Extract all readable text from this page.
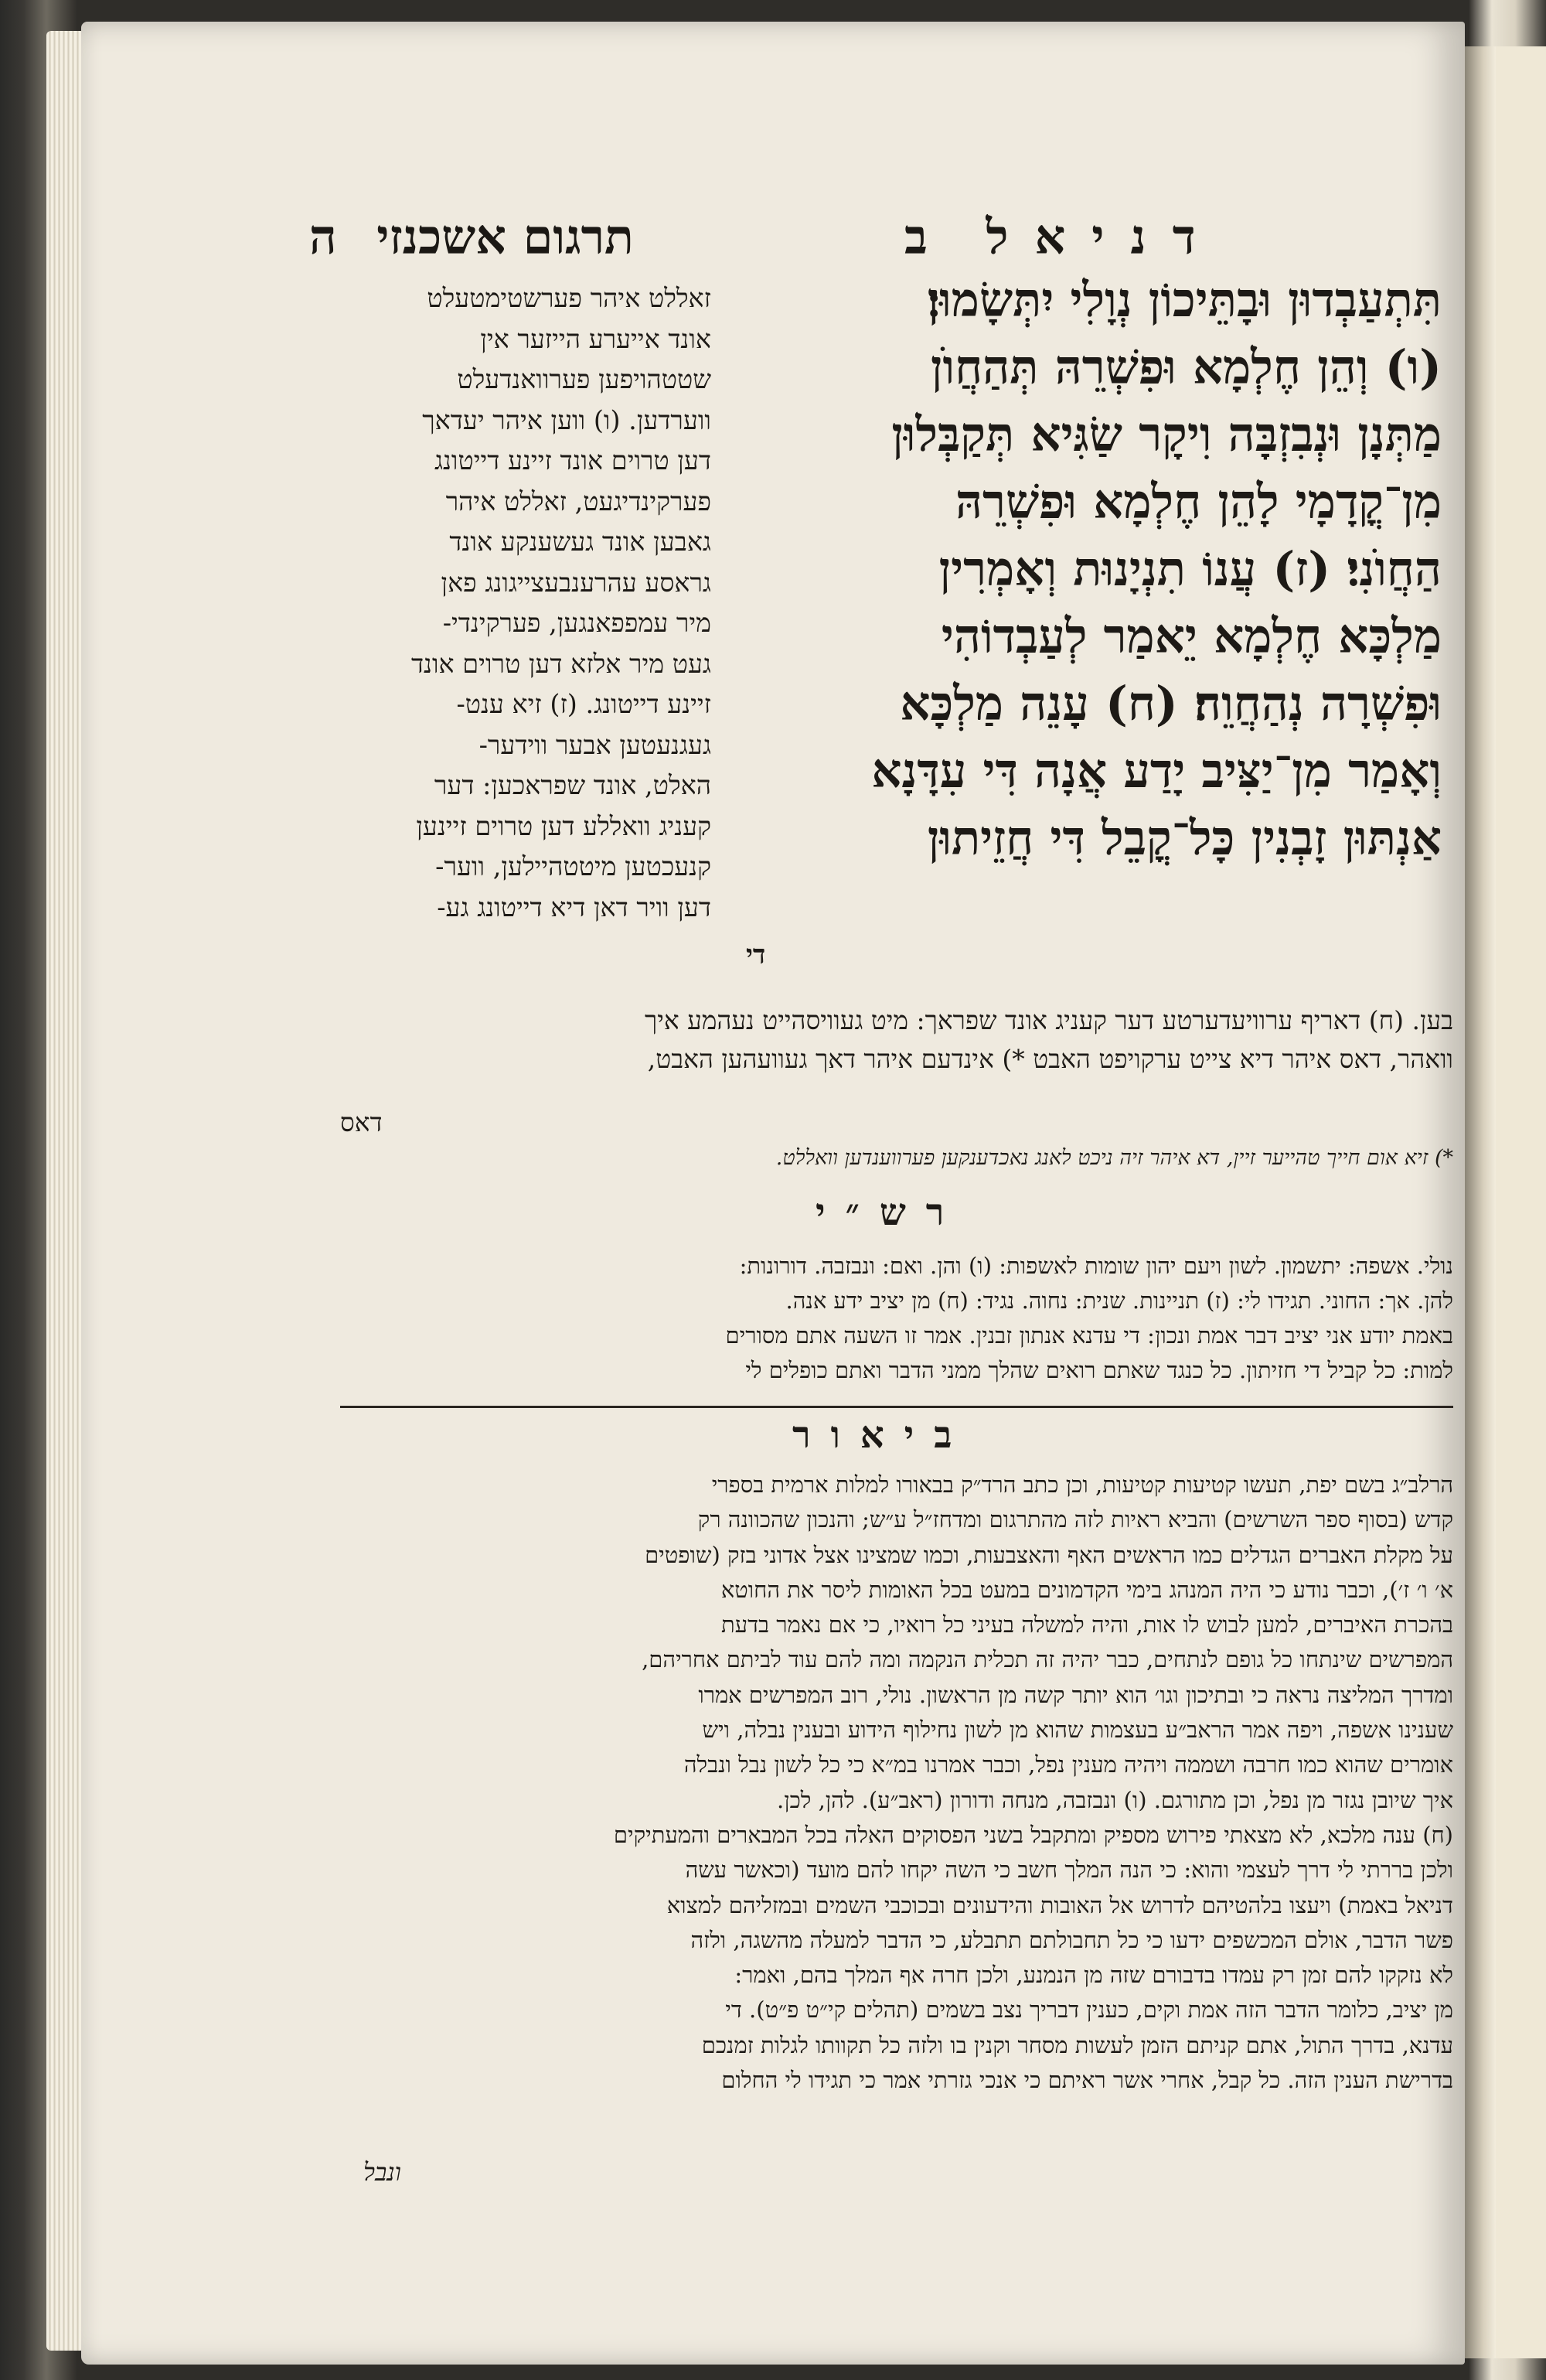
תרגום אשכנזי ה	דניאל ב
זאללט איהר פערשטימטעלט
אונד אייערע הייזער אין
שטטהויפען פערוואנדעלט
ווערדען. (ו) ווען איהר יעדאך
דען טרוים אונד זיינע דייטונג
פערקינדיגעט, זאללט איהר
גאבען אונד געשענקע אונד
גראסע עהרענבעצייגונג פאן
מיר עמפפאנגען, פערקינדי-
געט מיר אלזא דען טרוים אונד
זיינע דייטונג. (ז) זיא ענט-
געגנעטען אבער ווידער-
האלט, אונד שפראכען: דער
קעניג וואללע דען טרוים זיינען
קנעכטען מיטטהיילען, ווער-
דען וויר דאן דיא דייטונג גע-
תִּתְעַבְדוּן וּבָתֵּיכוֹן נְוָלִי יִתְּשָׂמוּן׃
(ו) וְהֵן חֶלְמָא וּפִשְׁרֵהּ תְּהַחֲוֺן
מַתְּנָן וּנְבִזְבָּה וִיקָר שַׂגִּיא תְּקַבְּלוּן
מִן־קֳדָמָי לָהֵן חֶלְמָא וּפִשְׁרֵהּ
הַחֲוֺנִי׃ (ז) עֲנוֹ תִנְיָנוּת וְאָמְרִין
מַלְכָּא חֶלְמָא יֵאמַר לְעַבְדוֹהִי
וּפִשְׁרָה נְהַחֲוֵה׃ (ח) עָנֵה מַלְכָּא
וְאָמַר מִן־יַצִּיב יָדַע אֲנָה דִּי עִדָּנָא
אַנְתּוּן זָבְנִין כָּל־קֳבֵל דִּי חֲזֵיתוּן
די
בען. (ח) דאריף ערוויעדערטע דער קעניג אונד שפראך: מיט געוויסהייט נעהמע איך
וואהר, דאס איהר דיא צייט ערקויפט האבט *) אינדעם איהר דאך געוועהען האבט,
דאס
*) זיא אום חייך טהייער זיין, דא איהר זיה ניכט לאנג נאכדענקען פערווענדען וואללט.
רש״י
נולי. אשפה: יתשמון. לשון ויעם יהון שומות לאשפות: (ו) והן. ואם: ונבזבה. דורונות:
להן. אך: החוני. תגידו לי: (ז) תניינות. שנית: נחוה. נגיד: (ח) מן יציב ידע אנה.
באמת יודע אני יציב דבר אמת ונכון: די עדנא אנתון זבנין. אמר זו השעה אתם מסורים
למות: כל קביל די חזיתון. כל כנגד שאתם רואים שהלך ממני הדבר ואתם כופלים לי
ביאור
הרלב״ג בשם יפת, תעשו קטיעות קטיעות, וכן כתב הרד״ק בבאורו למלות ארמית בספרי
קדש (בסוף ספר השרשים) והביא ראיות לזה מהתרגום ומדחז״ל ע״ש; והנכון שהכוונה רק
על מקלת האברים הגדלים כמו הראשים האף והאצבעות, וכמו שמצינו אצל אדוני בזק (שופטים
א׳ ו׳ ז׳), וכבר נודע כי היה המנהג בימי הקדמונים במעט בכל האומות ליסר את החוטא
בהכרת האיברים, למען לבוש לו אות, והיה למשלה בעיני כל רואיו, כי אם נאמר בדעת
המפרשים שינתחו כל גופם לנתחים, כבר יהיה זה תכלית הנקמה ומה להם עוד לביתם אחריהם,
ומדרך המליצה נראה כי ובתיכון וגו׳ הוא יותר קשה מן הראשון. נולי, רוב המפרשים אמרו
שענינו אשפה, ויפה אמר הראב״ע בעצמות שהוא מן לשון נחילוף הידוע ובענין נבלה, ויש
אומרים שהוא כמו חרבה ושממה ויהיה מענין נפל, וכבר אמרנו במ״א כי כל לשון נבל ונבלה
איך שיובן נגזר מן נפל, וכן מתורגם. (ו) ונבזבה, מנחה ודורון (ראב״ע). להן, לכן.
(ח) ענה מלכא, לא מצאתי פירוש מספיק ומתקבל בשני הפסוקים האלה בכל המבארים והמעתיקים
ולכן בררתי לי דרך לעצמי והוא: כי הנה המלך חשב כי השה יקחו להם מועד (וכאשר עשה
דניאל באמת) ויעצו בלהטיהם לדרוש אל האובות והידעונים ובכוכבי השמים ובמזליהם למצוא
פשר הדבר, אולם המכשפים ידעו כי כל תחבולתם תתבלע, כי הדבר למעלה מהשגה, ולזה
לא נזקקו להם זמן רק עמדו בדבורם שזה מן הנמנע, ולכן חרה אף המלך בהם, ואמר:
מן יציב, כלומר הדבר הזה אמת וקים, כענין דבריך נצב בשמים (תהלים קי״ט פ״ט). די
עדנא, בדרך התול, אתם קניתם הזמן לעשות מסחר וקנין בו ולזה כל תקוותו לגלות זמנכם
בדרישת הענין הזה. כל קבל, אחרי אשר ראיתם כי אנכי גזרתי אמר כי תגידו לי החלום
ונבל
